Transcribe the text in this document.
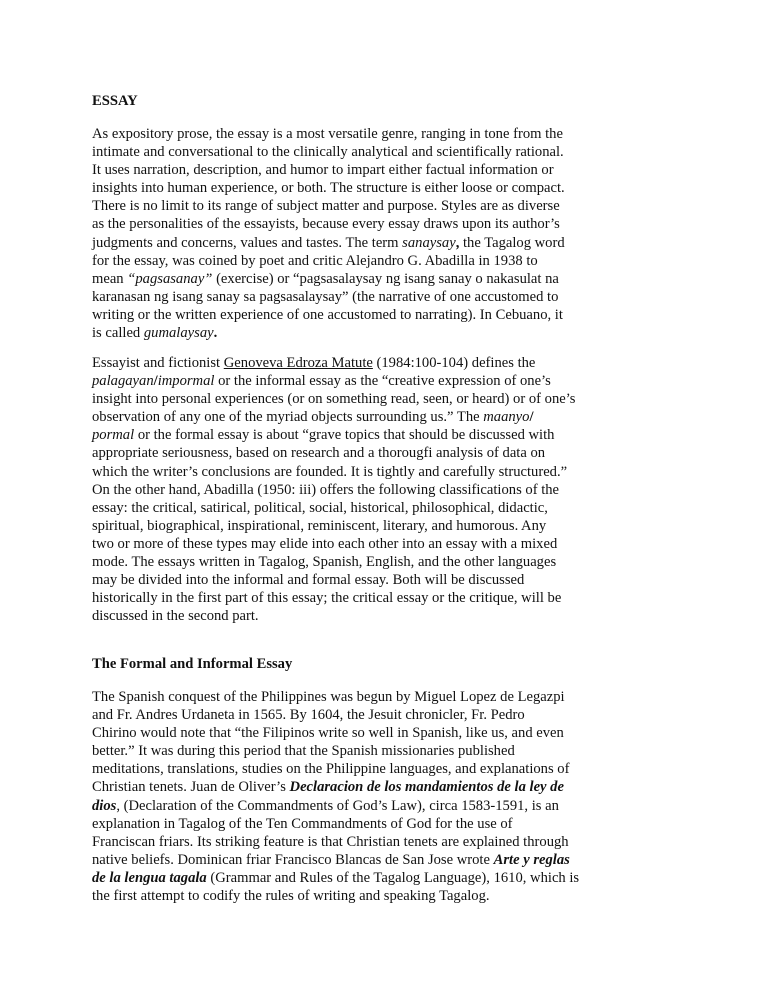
ESSAY
As expository prose, the essay is a most versatile genre, ranging in tone from the
intimate and conversational to the clinically analytical and scientifically rational.
It uses narration, description, and humor to impart either factual information or
insights into human experience, or both. The structure is either loose or compact.
There is no limit to its range of subject matter and purpose. Styles are as diverse
as the personalities of the essayists, because every essay draws upon its author’s
judgments and concerns, values and tastes. The term sanaysay, the Tagalog word
for the essay, was coined by poet and critic Alejandro G. Abadilla in 1938 to
mean “pagsasanay” (exercise) or “pagsasalaysay ng isang sanay o nakasulat na
karanasan ng isang sanay sa pagsasalaysay” (the narrative of one accustomed to
writing or the written experience of one accustomed to narrating). In Cebuano, it
is called gumalaysay.
Essayist and fictionist Genoveva Edroza Matute (1984:100-104) defines the
palagayan/impormal or the informal essay as the “creative expression of one’s
insight into personal experiences (or on something read, seen, or heard) or of one’s
observation of any one of the myriad objects surrounding us.” The maanyo/
pormal or the formal essay is about “grave topics that should be discussed with
appropriate seriousness, based on research and a thorougfi analysis of data on
which the writer’s conclusions are founded. It is tightly and carefully structured.”
On the other hand, Abadilla (1950: iii) offers the following classifications of the
essay: the critical, satirical, political, social, historical, philosophical, didactic,
spiritual, biographical, inspirational, reminiscent, literary, and humorous. Any
two or more of these types may elide into each other into an essay with a mixed
mode. The essays written in Tagalog, Spanish, English, and the other languages
may be divided into the informal and formal essay. Both will be discussed
historically in the first part of this essay; the critical essay or the critique, will be
discussed in the second part.
The Formal and Informal Essay
The Spanish conquest of the Philippines was begun by Miguel Lopez de Legazpi
and Fr. Andres Urdaneta in 1565. By 1604, the Jesuit chronicler, Fr. Pedro
Chirino would note that “the Filipinos write so well in Spanish, like us, and even
better.” It was during this period that the Spanish missionaries published
meditations, translations, studies on the Philippine languages, and explanations of
Christian tenets. Juan de Oliver’s Declaracion de los mandamientos de la ley de
dios, (Declaration of the Commandments of God’s Law), circa 1583-1591, is an
explanation in Tagalog of the Ten Commandments of God for the use of
Franciscan friars. Its striking feature is that Christian tenets are explained through
native beliefs. Dominican friar Francisco Blancas de San Jose wrote Arte y reglas
de la lengua tagala (Grammar and Rules of the Tagalog Language), 1610, which is
the first attempt to codify the rules of writing and speaking Tagalog.
